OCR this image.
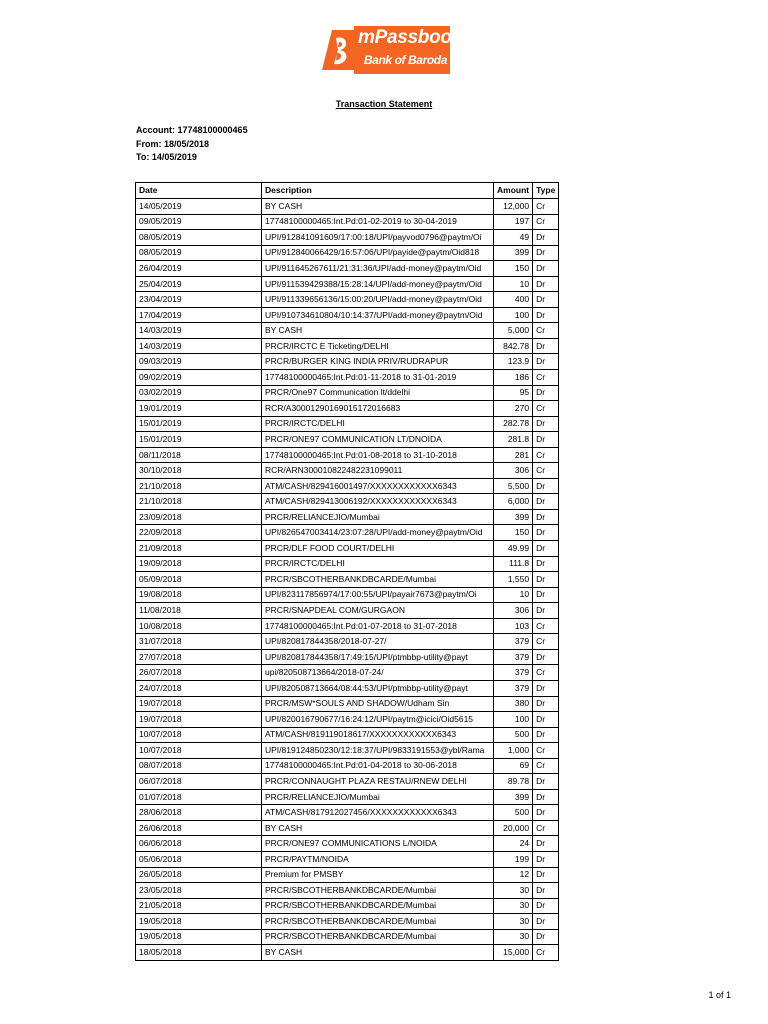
mPassbook
Bank of Baroda
Transaction Statement
Account: 17748100000465
From: 18/05/2018
To: 14/05/2019
Date	Description	Amount	Type
14/05/2019	BY CASH	12,000	Cr
09/05/2019	17748100000465:Int.Pd:01-02-2019 to 30-04-2019	197	Cr
08/05/2019	UPI/912841091609/17:00:18/UPI/payvod0796@paytm/Oi	49	Dr
08/05/2019	UPI/912840066429/16:57:06/UPI/payide@paytm/Oid818	399	Dr
26/04/2019	UPI/911645267611/21:31:36/UPI/add-money@paytm/Oid	150	Dr
25/04/2019	UPI/911539429388/15:28:14/UPI/add-money@paytm/Oid	10	Dr
23/04/2019	UPI/911339656136/15:00:20/UPI/add-money@paytm/Oid	400	Dr
17/04/2019	UPI/910734610804/10:14:37/UPI/add-money@paytm/Oid	100	Dr
14/03/2019	BY CASH	5,000	Cr
14/03/2019	PRCR/IRCTC E Ticketing/DELHI	842.78	Dr
09/03/2019	PRCR/BURGER KING INDIA PRIV/RUDRAPUR	123.9	Dr
09/02/2019	17748100000465:Int.Pd:01-11-2018 to 31-01-2019	186	Cr
03/02/2019	PRCR/One97 Communication lt/ddelhi	95	Dr
19/01/2019	RCR/A300012901690151720166​83	270	Cr
15/01/2019	PRCR/IRCTC/DELHI	282.78	Dr
15/01/2019	PRCR/ONE97 COMMUNICATION LT/DNOIDA	281.8	Dr
08/11/2018	17748100000465:Int.Pd:01-08-2018 to 31-10-2018	281	Cr
30/10/2018	RCR/ARN300010822482231099011	306	Cr
21/10/2018	ATM/CASH/829416001497/XXXXXXXXXXXX6343	5,500	Dr
21/10/2018	ATM/CASH/829413006192/XXXXXXXXXXXX6343	6,000	Dr
23/09/2018	PRCR/RELIANCEJIO/Mumbai	399	Dr
22/09/2018	UPI/826547003414/23:07:28/UPI/add-money@paytm/Oid	150	Dr
21/09/2018	PRCR/DLF FOOD COURT/DELHI	49.99	Dr
19/09/2018	PRCR/IRCTC/DELHI	111.8	Dr
05/09/2018	PRCR/SBCOTHERBANKDBCARDE/Mumbai	1,550	Dr
19/08/2018	UPI/823117856974/17:00:55/UPI/payair7673@paytm/Oi	10	Dr
11/08/2018	PRCR/SNAPDEAL COM/GURGAON	306	Dr
10/08/2018	17748100000465:Int.Pd:01-07-2018 to 31-07-2018	103	Cr
31/07/2018	UPI/820817844358/2018-07-27/	379	Cr
27/07/2018	UPI/820817844358/17:49:15/UPI/ptmbbp-utility@payt	379	Dr
26/07/2018	upi/820508713664/2018-07-24/	379	Cr
24/07/2018	UPI/820508713664/08:44:53/UPI/ptmbbp-utility@payt	379	Dr
19/07/2018	PRCR/MSW*SOULS AND SHADOW/Udham Sin	380	Dr
19/07/2018	UPI/820016790677/16:24:12/UPI/paytm@icici/Oid5615	100	Dr
10/07/2018	ATM/CASH/819119018617/XXXXXXXXXXXX6343	500	Dr
10/07/2018	UPI/819124850230/12:18:37/UPI/9833191553@ybl/Rama	1,000	Cr
08/07/2018	17748100000465:Int.Pd:01-04-2018 to 30-06-2018	69	Cr
06/07/2018	PRCR/CONNAUGHT PLAZA RESTAU/RNEW DELHI	89.78	Dr
01/07/2018	PRCR/RELIANCEJIO/Mumbai	399	Dr
28/06/2018	ATM/CASH/817912027456/XXXXXXXXXXXX6343	500	Dr
26/06/2018	BY CASH	20,000	Cr
06/06/2018	PRCR/ONE97 COMMUNICATIONS L/NOIDA	24	Dr
05/06/2018	PRCR/PAYTM/NOIDA	199	Dr
26/05/2018	Premium for PMSBY	12	Dr
23/05/2018	PRCR/SBCOTHERBANKDBCARDE/Mumbai	30	Dr
21/05/2018	PRCR/SBCOTHERBANKDBCARDE/Mumbai	30	Dr
19/05/2018	PRCR/SBCOTHERBANKDBCARDE/Mumbai	30	Dr
19/05/2018	PRCR/SBCOTHERBANKDBCARDE/Mumbai	30	Dr
18/05/2018	BY CASH	15,000	Cr
1 of 1
